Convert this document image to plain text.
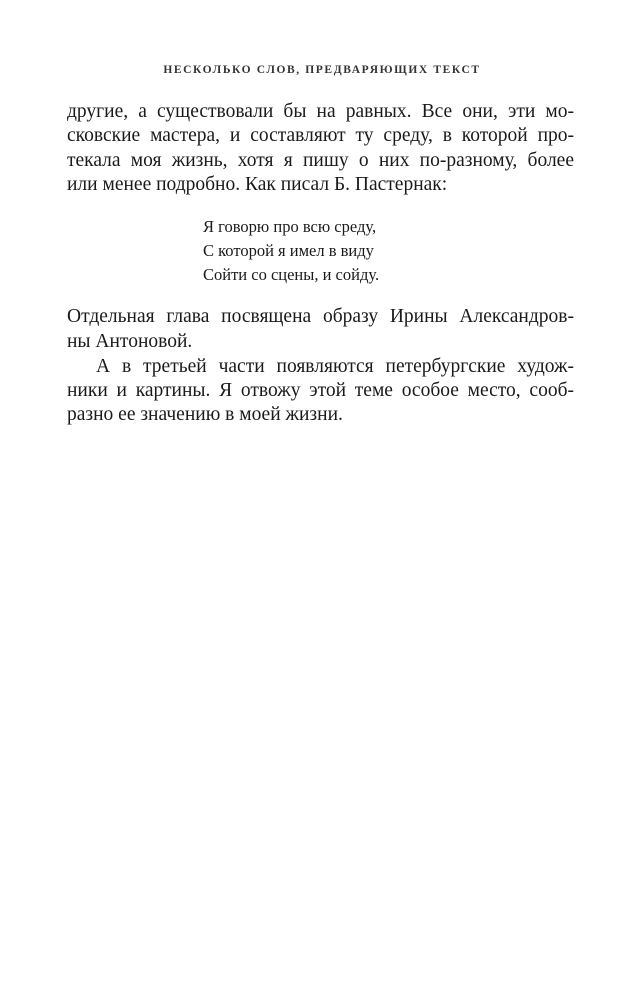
НЕСКОЛЬКО СЛОВ, ПРЕДВАРЯЮЩИХ ТЕКСТ
другие, а существовали бы на равных. Все они, эти мо-
сковские мастера, и составляют ту среду, в которой про-
текала моя жизнь, хотя я пишу о них по-разному, более
или менее подробно. Как писал Б. Пастернак:
Я говорю про всю среду,
С которой я имел в виду
Сойти со сцены, и сойду.
Отдельная глава посвящена образу Ирины Александров-
ны Антоновой.
А в третьей части появляются петербургские худож-
ники и картины. Я отвожу этой теме особое место, сооб-
разно ее значению в моей жизни.
